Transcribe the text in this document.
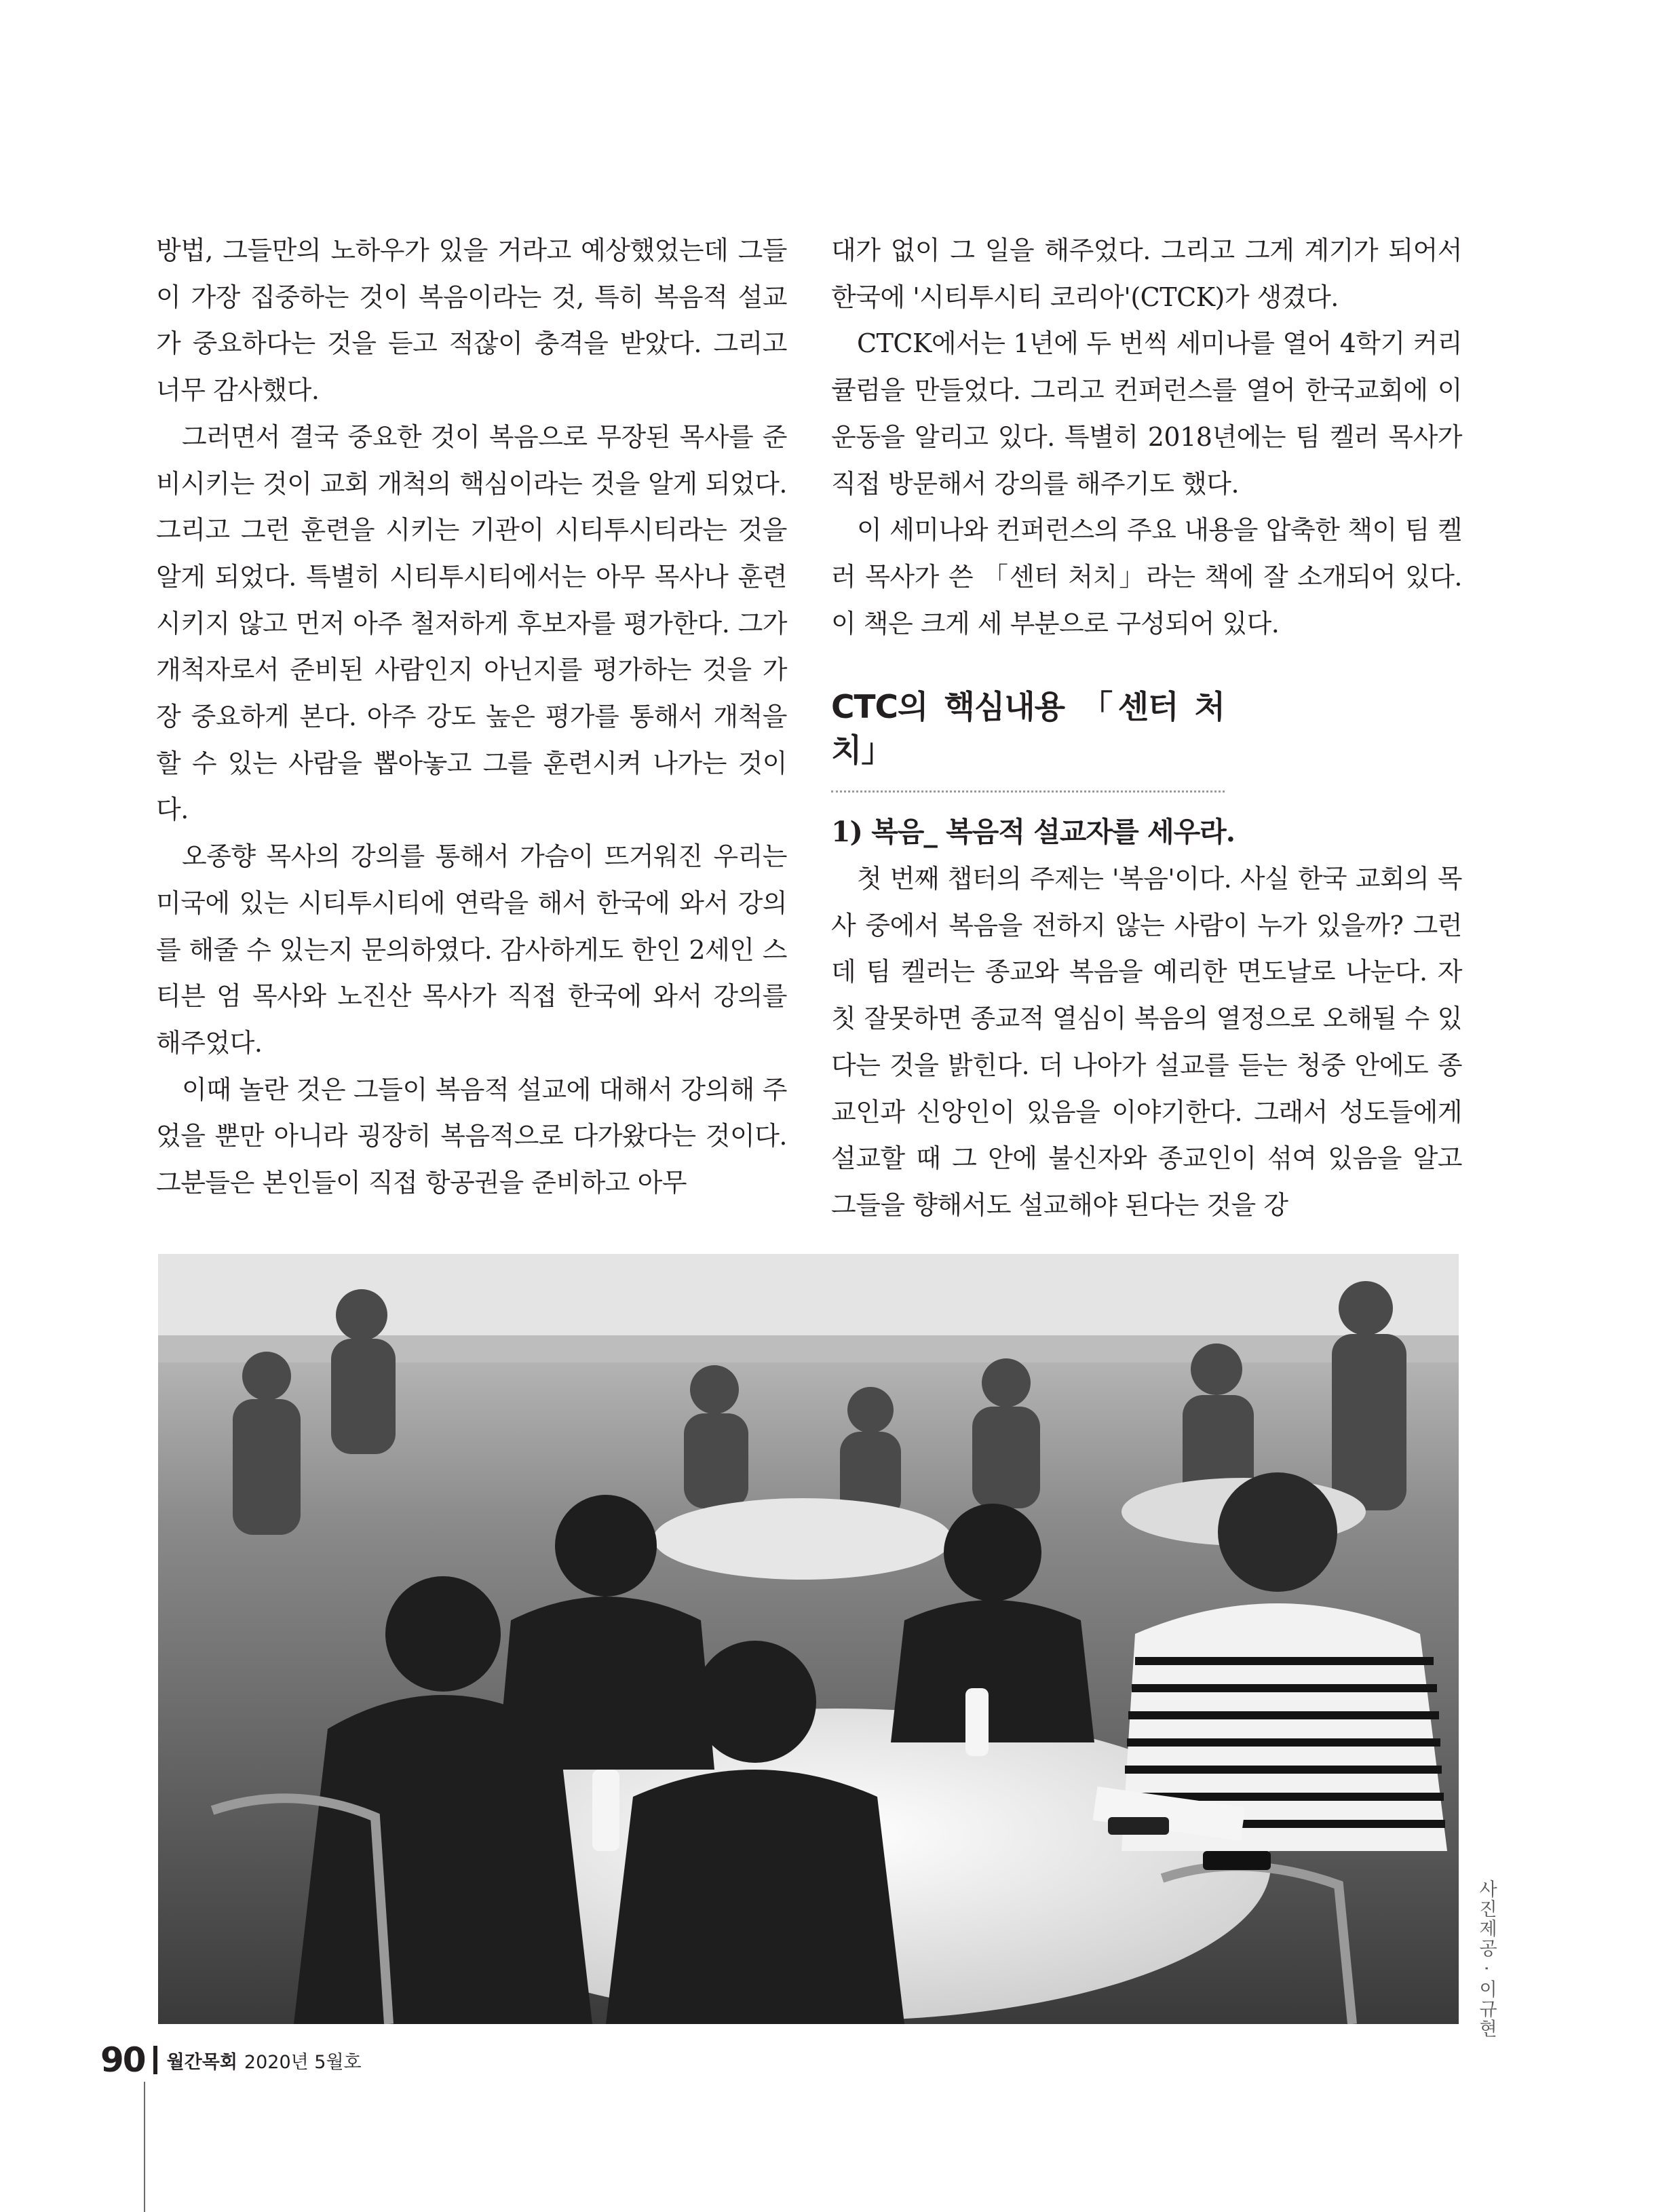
방법, 그들만의 노하우가 있을 거라고 예상했었는데 그들이 가장 집중하는 것이 복음이라는 것, 특히 복음적 설교가 중요하다는 것을 듣고 적잖이 충격을 받았다. 그리고 너무 감사했다.

그러면서 결국 중요한 것이 복음으로 무장된 목사를 준비시키는 것이 교회 개척의 핵심이라는 것을 알게 되었다. 그리고 그런 훈련을 시키는 기관이 시티투시티라는 것을 알게 되었다. 특별히 시티투시티에서는 아무 목사나 훈련시키지 않고 먼저 아주 철저하게 후보자를 평가한다. 그가 개척자로서 준비된 사람인지 아닌지를 평가하는 것을 가장 중요하게 본다. 아주 강도 높은 평가를 통해서 개척을 할 수 있는 사람을 뽑아놓고 그를 훈련시켜 나가는 것이다.

오종향 목사의 강의를 통해서 가슴이 뜨거워진 우리는 미국에 있는 시티투시티에 연락을 해서 한국에 와서 강의를 해줄 수 있는지 문의하였다. 감사하게도 한인 2세인 스티븐 엄 목사와 노진산 목사가 직접 한국에 와서 강의를 해주었다.

이때 놀란 것은 그들이 복음적 설교에 대해서 강의해 주었을 뿐만 아니라 굉장히 복음적으로 다가왔다는 것이다. 그분들은 본인들이 직접 항공권을 준비하고 아무

대가 없이 그 일을 해주었다. 그리고 그게 계기가 되어서 한국에 '시티투시티 코리아'(CTCK)가 생겼다.

CTCK에서는 1년에 두 번씩 세미나를 열어 4학기 커리큘럼을 만들었다. 그리고 컨퍼런스를 열어 한국교회에 이 운동을 알리고 있다. 특별히 2018년에는 팀 켈러 목사가 직접 방문해서 강의를 해주기도 했다.

이 세미나와 컨퍼런스의 주요 내용을 압축한 책이 팀 켈러 목사가 쓴 「센터 처치」라는 책에 잘 소개되어 있다. 이 책은 크게 세 부분으로 구성되어 있다.

CTC의 핵심내용 「센터 처치」
1) 복음_ 복음적 설교자를 세우라.

첫 번째 챕터의 주제는 '복음'이다. 사실 한국 교회의 목사 중에서 복음을 전하지 않는 사람이 누가 있을까? 그런데 팀 켈러는 종교와 복음을 예리한 면도날로 나눈다. 자칫 잘못하면 종교적 열심이 복음의 열정으로 오해될 수 있다는 것을 밝힌다. 더 나아가 설교를 듣는 청중 안에도 종교인과 신앙인이 있음을 이야기한다. 그래서 성도들에게 설교할 때 그 안에 불신자와 종교인이 섞여 있음을 알고 그들을 향해서도 설교해야 된다는 것을 강

사진제공 · 이규현
90 월간목회 2020년 5월호
